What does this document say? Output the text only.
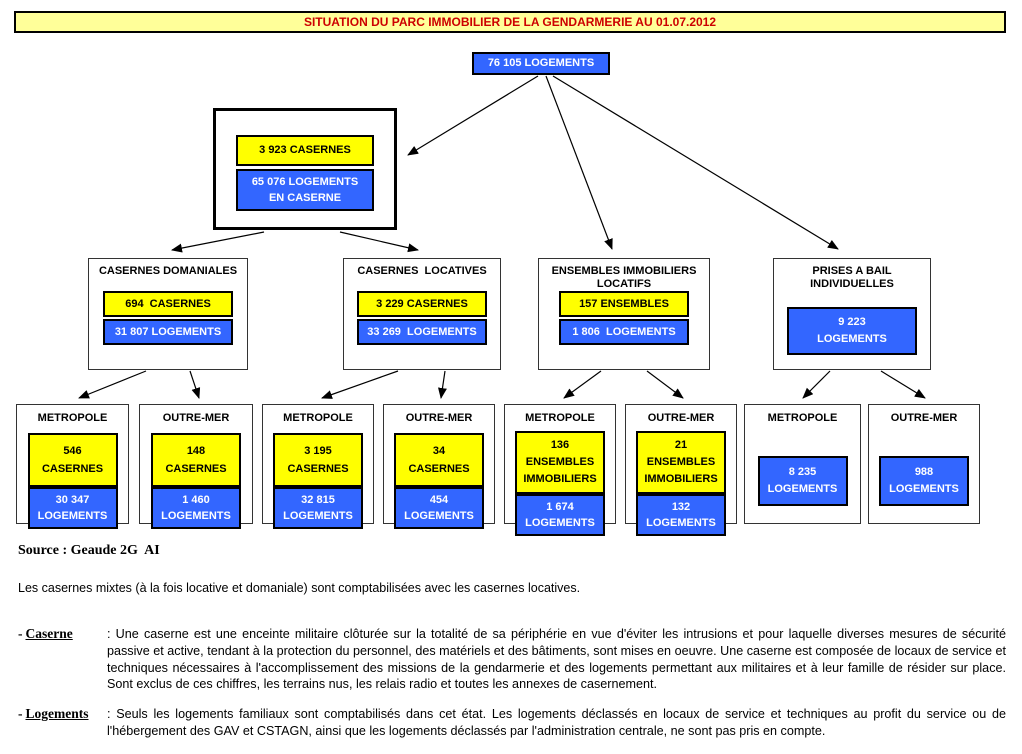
SITUATION DU PARC IMMOBILIER DE LA GENDARMERIE AU 01.07.2012
76 105 LOGEMENTS
3 923 CASERNES
65 076 LOGEMENTS
EN CASERNE
CASERNES DOMANIALES
694  CASERNES
31 807 LOGEMENTS
CASERNES  LOCATIVES
3 229 CASERNES
33 269  LOGEMENTS
ENSEMBLES IMMOBILIERS
LOCATIFS
157 ENSEMBLES
1 806  LOGEMENTS
PRISES A BAIL
INDIVIDUELLES
9 223
LOGEMENTS
METROPOLE
546
CASERNES
30 347
LOGEMENTS
OUTRE-MER
148
CASERNES
1 460
LOGEMENTS
METROPOLE
3 195
CASERNES
32 815
LOGEMENTS
OUTRE-MER
34
CASERNES
454
LOGEMENTS
METROPOLE
136
ENSEMBLES
IMMOBILIERS
1 674
LOGEMENTS
OUTRE-MER
21
ENSEMBLES
IMMOBILIERS
132
LOGEMENTS
METROPOLE
8 235
LOGEMENTS
OUTRE-MER
988
LOGEMENTS
Source : Geaude 2G  AI
Les casernes mixtes (à la fois locative et domaniale) sont comptabilisées avec les casernes locatives.
- Caserne	: Une caserne est une enceinte militaire clôturée sur la totalité de sa périphérie en vue d'éviter les intrusions et pour laquelle diverses mesures de sécurité passive et active, tendant à la protection du personnel, des matériels et des bâtiments, sont mises en oeuvre. Une caserne est composée de locaux de service et techniques nécessaires à l'accomplissement des missions de la gendarmerie et des logements permettant aux militaires et à leur famille de résider sur place. Sont exclus de ces chiffres, les terrains nus, les relais radio et toutes les annexes de casernement.
- Logements	: Seuls les logements familiaux sont comptabilisés dans cet état. Les logements déclassés en locaux de service et techniques au profit du service ou de l'hébergement des GAV et CSTAGN, ainsi que les logements déclassés par l'administration centrale, ne sont pas pris en compte.
